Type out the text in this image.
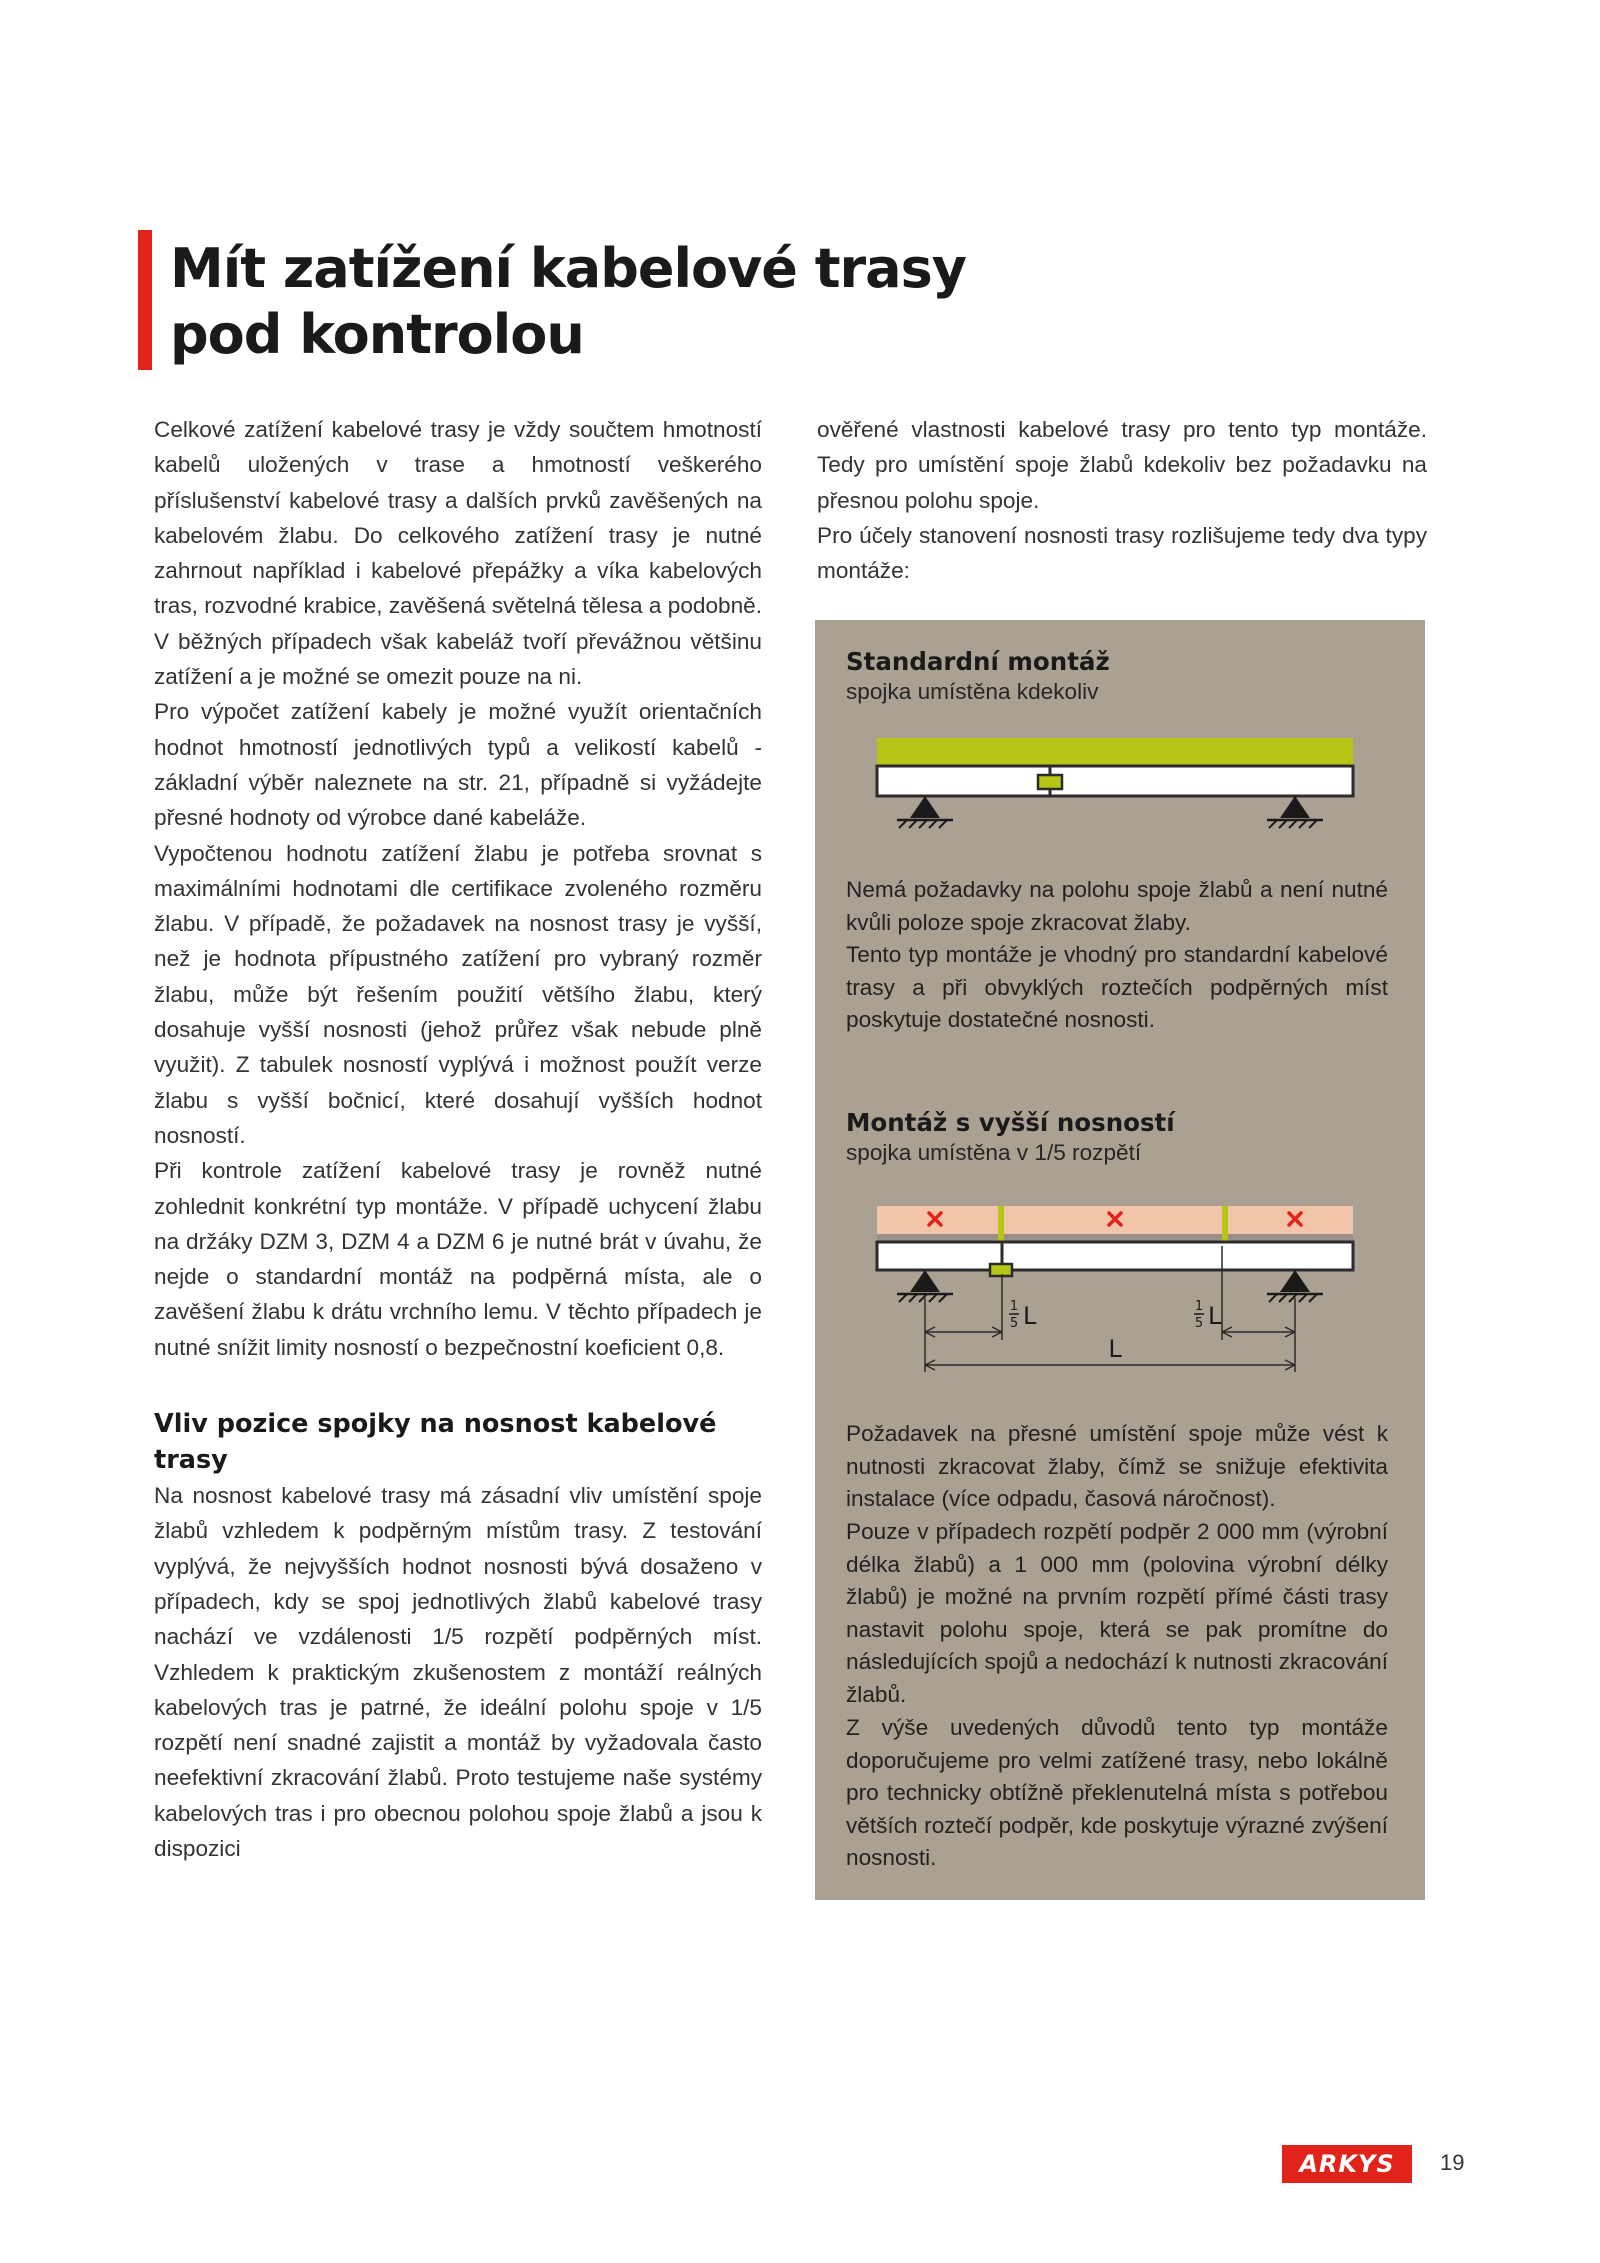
Mít zatížení kabelové trasy
pod kontrolou

Celkové zatížení kabelové trasy je vždy součtem hmotností kabelů uložených v trase a hmotností veškerého příslušenství kabelové trasy a dalších prvků zavěšených na kabelovém žlabu. Do celkového zatížení trasy je nutné zahrnout například i kabelové přepážky a víka kabelových tras, rozvodné krabice, zavěšená světelná tělesa a podobně. V běžných případech však kabeláž tvoří převážnou většinu zatížení a je možné se omezit pouze na ni.

Pro výpočet zatížení kabely je možné využít orientačních hodnot hmotností jednotlivých typů a velikostí kabelů - základní výběr naleznete na str. 21, případně si vyžádejte přesné hodnoty od výrobce dané kabeláže.

Vypočtenou hodnotu zatížení žlabu je potřeba srovnat s maximálními hodnotami dle certifikace zvoleného rozměru žlabu. V případě, že požadavek na nosnost trasy je vyšší, než je hodnota přípustného zatížení pro vybraný rozměr žlabu, může být řešením použití většího žlabu, který dosahuje vyšší nosnosti (jehož průřez však nebude plně využit). Z tabulek nosností vyplývá i možnost použít verze žlabu s vyšší bočnicí, které dosahují vyšších hodnot nosností.

Při kontrole zatížení kabelové trasy je rovněž nutné zohlednit konkrétní typ montáže. V případě uchycení žlabu na držáky DZM 3, DZM 4 a DZM 6 je nutné brát v úvahu, že nejde o standardní montáž na podpěrná místa, ale o zavěšení žlabu k drátu vrchního lemu. V těchto případech je nutné snížit limity nosností o bezpečnostní koeficient 0,8.

Vliv pozice spojky na nosnost kabelové trasy

Na nosnost kabelové trasy má zásadní vliv umístění spoje žlabů vzhledem k podpěrným místům trasy. Z testování vyplývá, že nejvyšších hodnot nosnosti bývá dosaženo v případech, kdy se spoj jednotlivých žlabů kabelové trasy nachází ve vzdálenosti 1/5 rozpětí podpěrných míst. Vzhledem k praktickým zkušenostem z montáží reálných kabelových tras je patrné, že ideální polohu spoje v 1/5 rozpětí není snadné zajistit a montáž by vyžadovala často neefektivní zkracování žlabů. Proto testujeme naše systémy kabelových tras i pro obecnou polohou spoje žlabů a jsou k dispozici

ověřené vlastnosti kabelové trasy pro tento typ montáže. Tedy pro umístění spoje žlabů kdekoliv bez požadavku na přesnou polohu spoje.

Pro účely stanovení nosnosti trasy rozlišujeme tedy dva typy montáže:

Standardní montáž

spojka umístěna kdekoliv

Nemá požadavky na polohu spoje žlabů a není nutné kvůli poloze spoje zkracovat žlaby.

Tento typ montáže je vhodný pro standardní kabelové trasy a při obvyklých roztečích podpěrných míst poskytuje dostatečné nosnosti.

Montáž s vyšší nosností

spojka umístěna v 1/5 rozpětí

1
5 L	1
5 L
L

Požadavek na přesné umístění spoje může vést k nutnosti zkracovat žlaby, čímž se snižuje efektivita instalace (více odpadu, časová náročnost).

Pouze v případech rozpětí podpěr 2 000 mm (výrobní délka žlabů) a 1 000 mm (polovina výrobní délky žlabů) je možné na prvním rozpětí přímé části trasy nastavit polohu spoje, která se pak promítne do následujících spojů a nedochází k nutnosti zkracování žlabů.

Z výše uvedených důvodů tento typ montáže doporučujeme pro velmi zatížené trasy, nebo lokálně pro technicky obtížně překlenutelná místa s potřebou větších roztečí podpěr, kde poskytuje výrazné zvýšení nosnosti.

ARKYS	19
